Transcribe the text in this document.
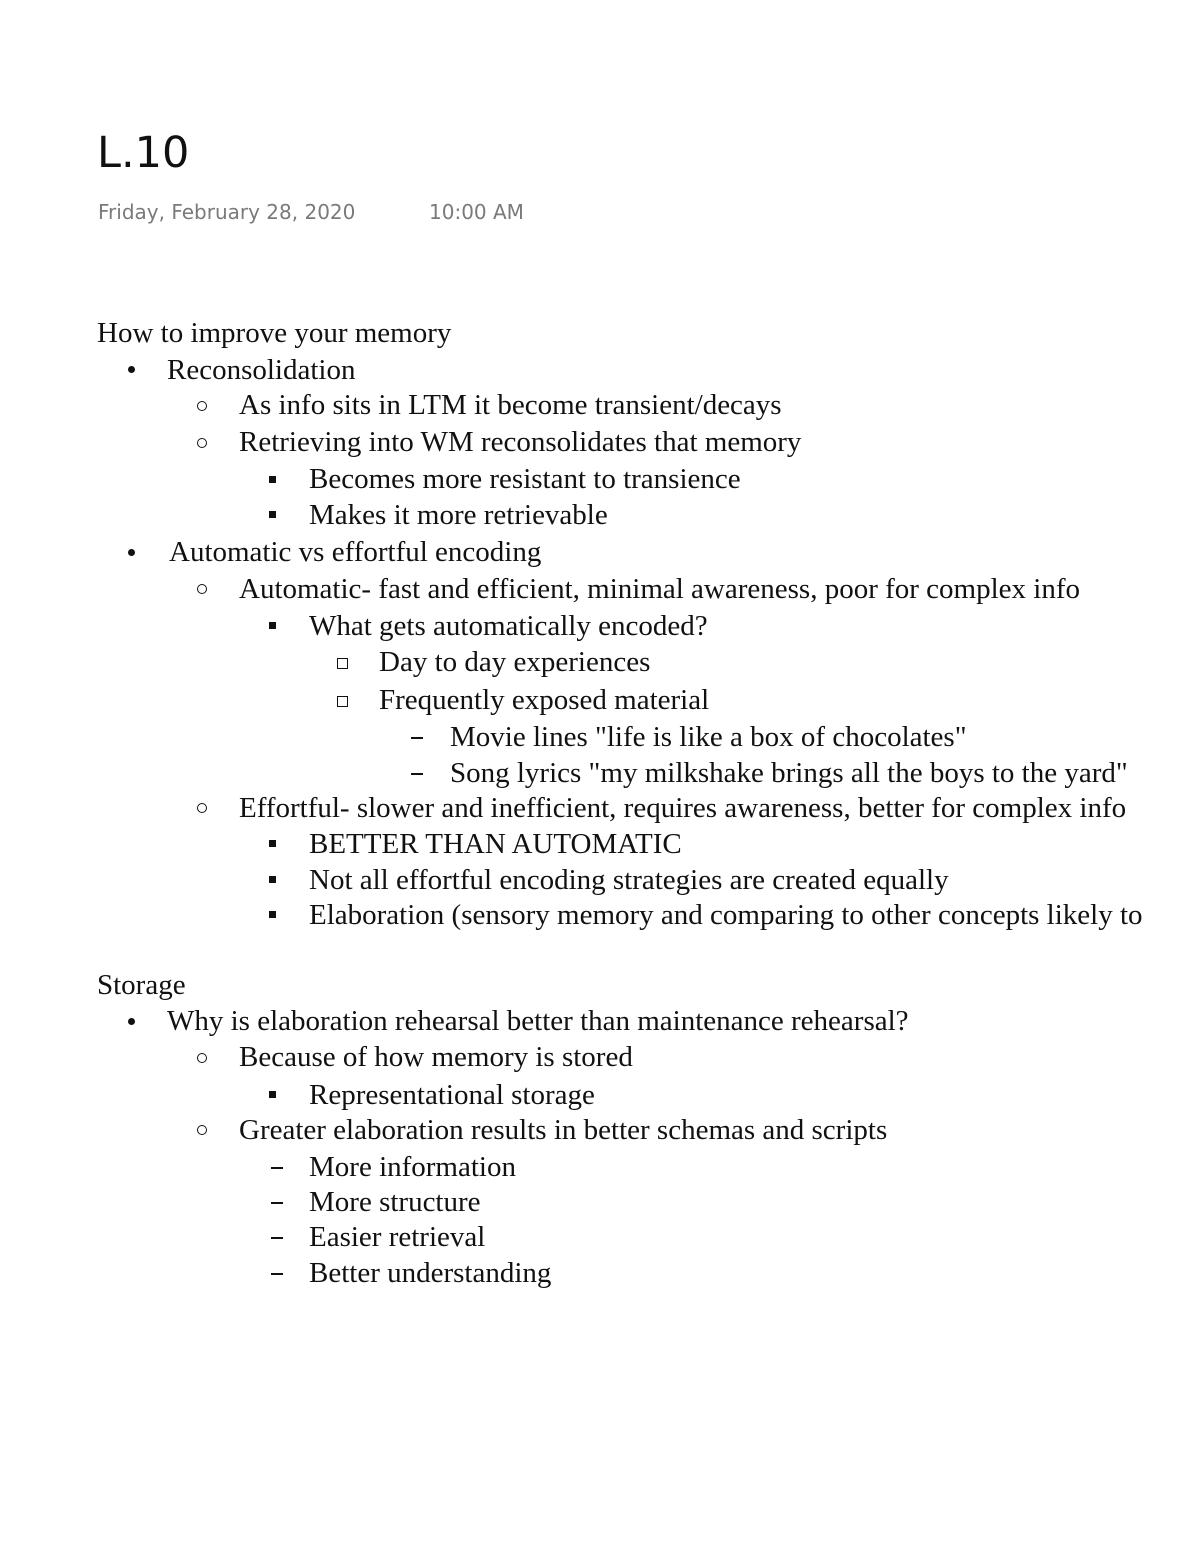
L.10
Friday, February 28, 2020	10:00 AM
How to improve your memory
Reconsolidation
As info sits in LTM it become transient/decays
Retrieving into WM reconsolidates that memory
Becomes more resistant to transience
Makes it more retrievable
Automatic vs effortful encoding
Automatic- fast and efficient, minimal awareness, poor for complex info
What gets automatically encoded?
Day to day experiences
Frequently exposed material
Movie lines "life is like a box of chocolates"
Song lyrics "my milkshake brings all the boys to the yard"
Effortful- slower and inefficient, requires awareness, better for complex info
BETTER THAN AUTOMATIC
Not all effortful encoding strategies are created equally
Elaboration (sensory memory and comparing to other concepts likely to
Storage
Why is elaboration rehearsal better than maintenance rehearsal?
Because of how memory is stored
Representational storage
Greater elaboration results in better schemas and scripts
More information
More structure
Easier retrieval
Better understanding
